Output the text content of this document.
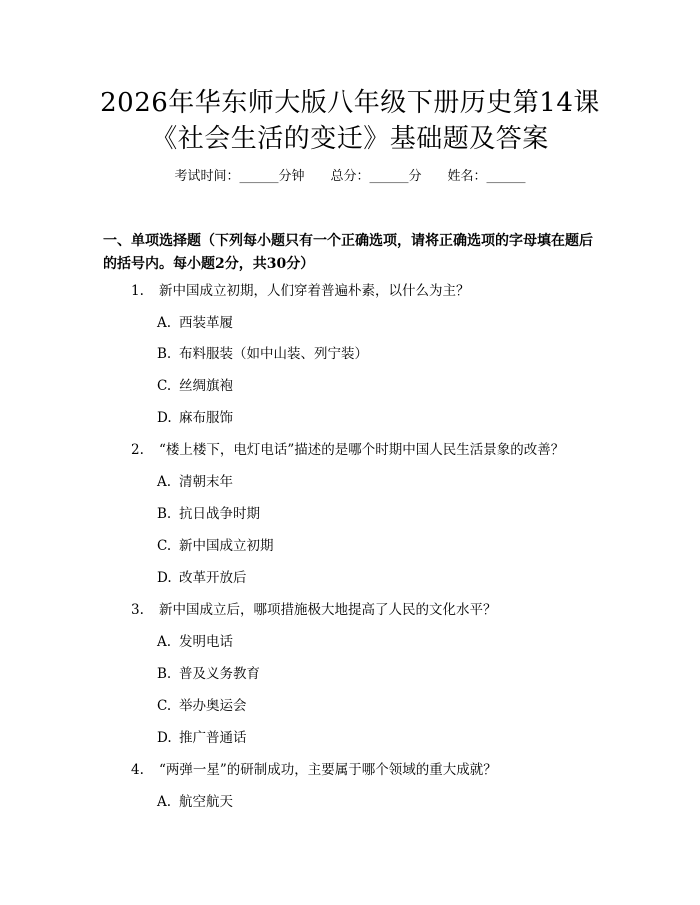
2026年华东师大版八年级下册历史第14课
《社会生活的变迁》基础题及答案
考试时间：______分钟 总分：______分 姓名：______
一、单项选择题（下列每小题只有一个正确选项，请将正确选项的字母填在题后
的括号内。每小题2分，共30分）
1. 新中国成立初期，人们穿着普遍朴素，以什么为主？
A. 西装革履
B. 布料服装（如中山装、列宁装）
C. 丝绸旗袍
D. 麻布服饰
2. “楼上楼下，电灯电话”描述的是哪个时期中国人民生活景象的改善？
A. 清朝末年
B. 抗日战争时期
C. 新中国成立初期
D. 改革开放后
3. 新中国成立后，哪项措施极大地提高了人民的文化水平？
A. 发明电话
B. 普及义务教育
C. 举办奥运会
D. 推广普通话
4. “两弹一星”的研制成功，主要属于哪个领域的重大成就？
A. 航空航天
